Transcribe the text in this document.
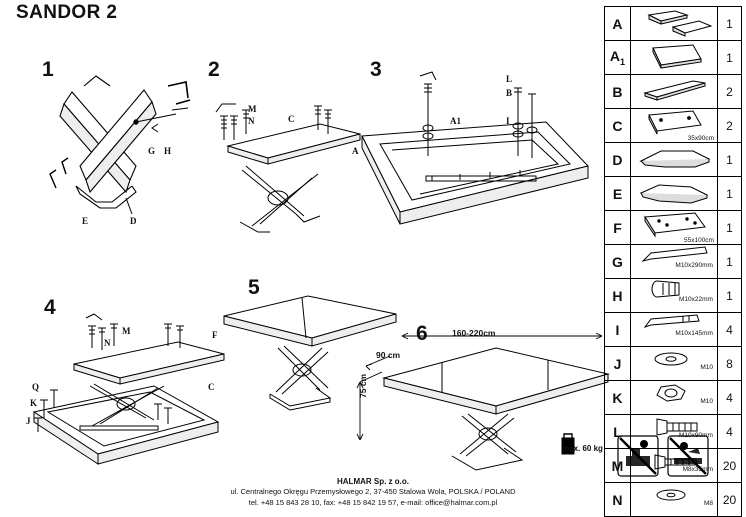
SANDOR 2
1
E	D
G H
2
M
N	C
3	L
B
I
A1
A
4
M
N
F
C
Q
K
J
5
6	160-220cm
90 cm
75 cm
A		1
$A_1$		1
B		2
C	35x90cm	2
D		1
E		1
F	55x100cm	1
G	M10x290mm	1
H	M10x22mm	1
I	M10x145mm	4
J	M10	8
K	M10	4
L	M10x90mm	4
M	M8x35mm	20
N	M8	20
max. 60 kg
HALMAR Sp. z o.o.
ul. Centralnego Okręgu Przemysłowego 2, 37-450 Stalowa Wola, POLSKA / POLAND
tel. +48 15 843 28 10, fax: +48 15 842 19 57, e-mail: office@halmar.com.pl
